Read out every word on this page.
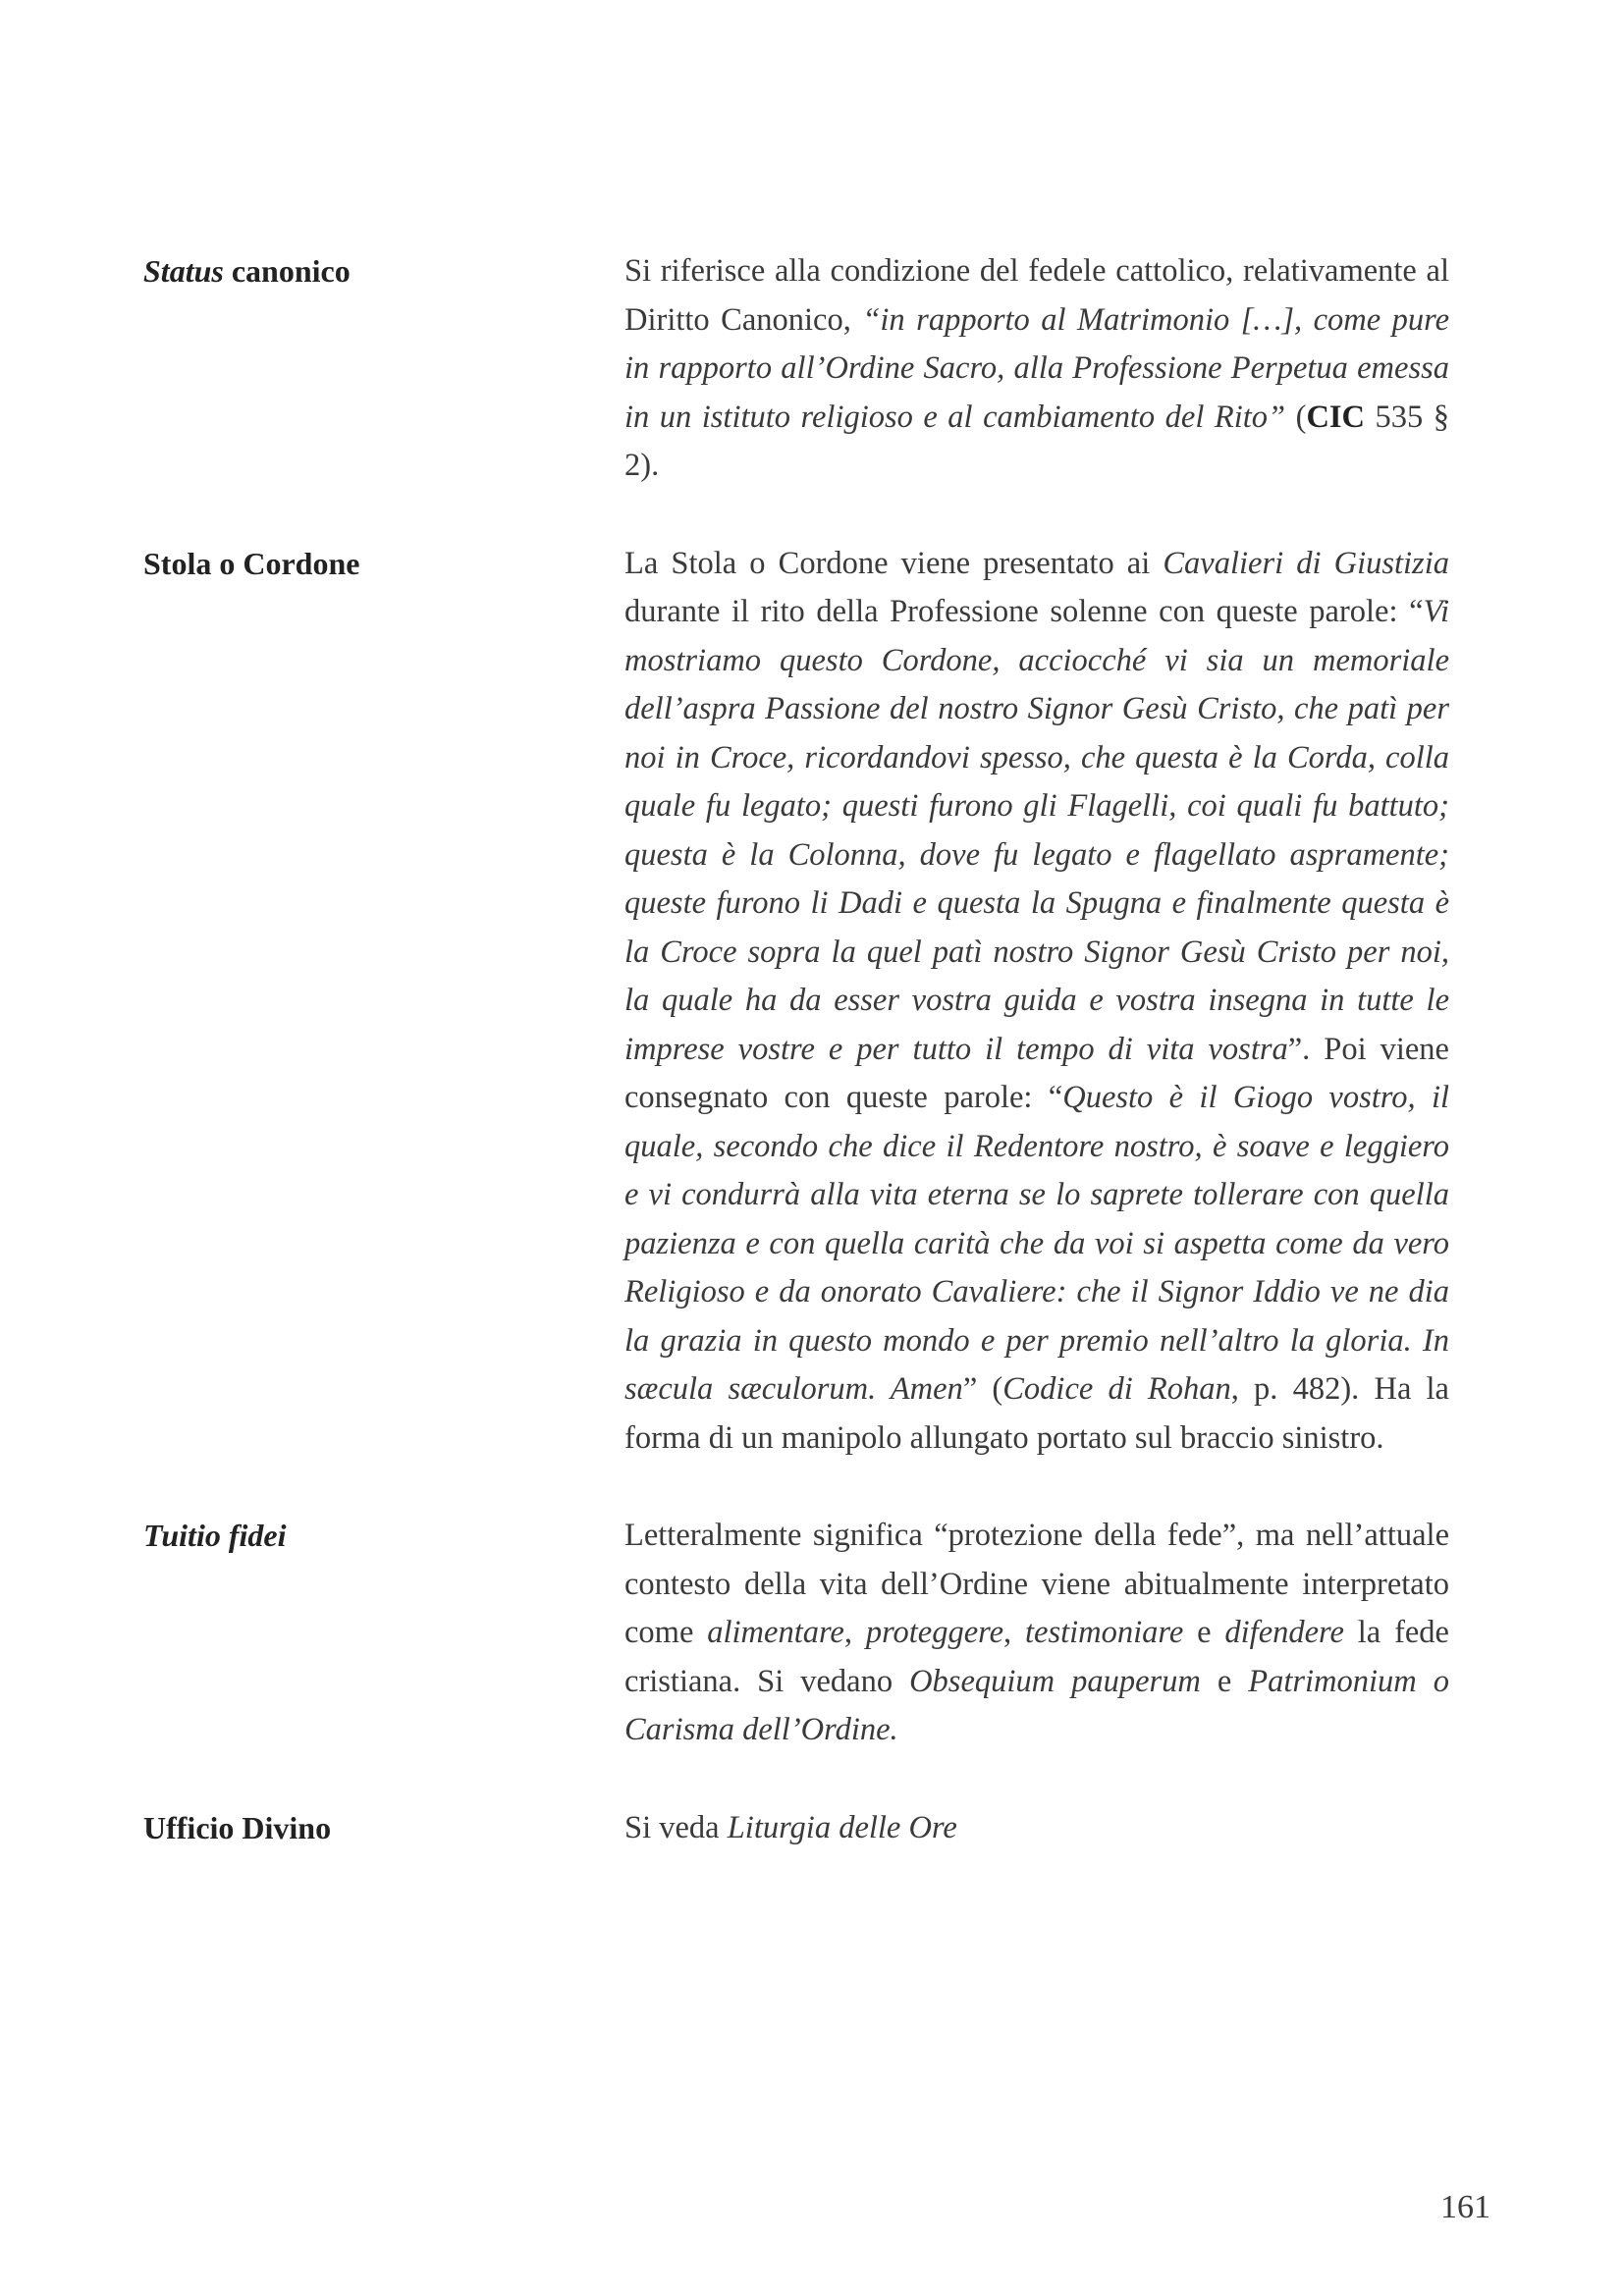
Status canonico	Si riferisce alla condizione del fedele cattolico, relativamente al Diritto Canonico, “in rapporto al Matrimonio […], come pure in rapporto all’Ordine Sacro, alla Professione Perpetua emessa in un istituto religioso e al cambiamento del Rito” (CIC 535 § 2).
Stola o Cordone	La Stola o Cordone viene presentato ai Cavalieri di Giustizia durante il rito della Professione solenne con queste parole: “Vi mostriamo questo Cordone, acciocché vi sia un memoriale dell’aspra Passione del nostro Signor Gesù Cristo, che patì per noi in Croce, ricordandovi spesso, che questa è la Corda, colla quale fu legato; questi furono gli Flagelli, coi quali fu battuto; questa è la Colonna, dove fu legato e flagellato aspramente; queste furono li Dadi e questa la Spugna e finalmente questa è la Croce sopra la quel patì nostro Signor Gesù Cristo per noi, la quale ha da esser vostra guida e vostra insegna in tutte le imprese vostre e per tutto il tempo di vita vostra”. Poi viene consegnato con queste parole: “Questo è il Giogo vostro, il quale, secondo che dice il Redentore nostro, è soave e leggiero e vi condurrà alla vita eterna se lo saprete tollerare con quella pazienza e con quella carità che da voi si aspetta come da vero Religioso e da onorato Cavaliere: che il Signor Iddio ve ne dia la grazia in questo mondo e per premio nell’altro la gloria. In sæcula sæculorum. Amen” (Codice di Rohan, p. 482). Ha la forma di un manipolo allungato portato sul braccio sinistro.
Tuitio fidei	Letteralmente significa “protezione della fede”, ma nell’attuale contesto della vita dell’Ordine viene abitualmente interpretato come alimentare, proteggere, testimoniare e difendere la fede cristiana. Si vedano Obsequium pauperum e Patrimonium o Carisma dell’Ordine.
Ufficio Divino	Si veda Liturgia delle Ore
161
